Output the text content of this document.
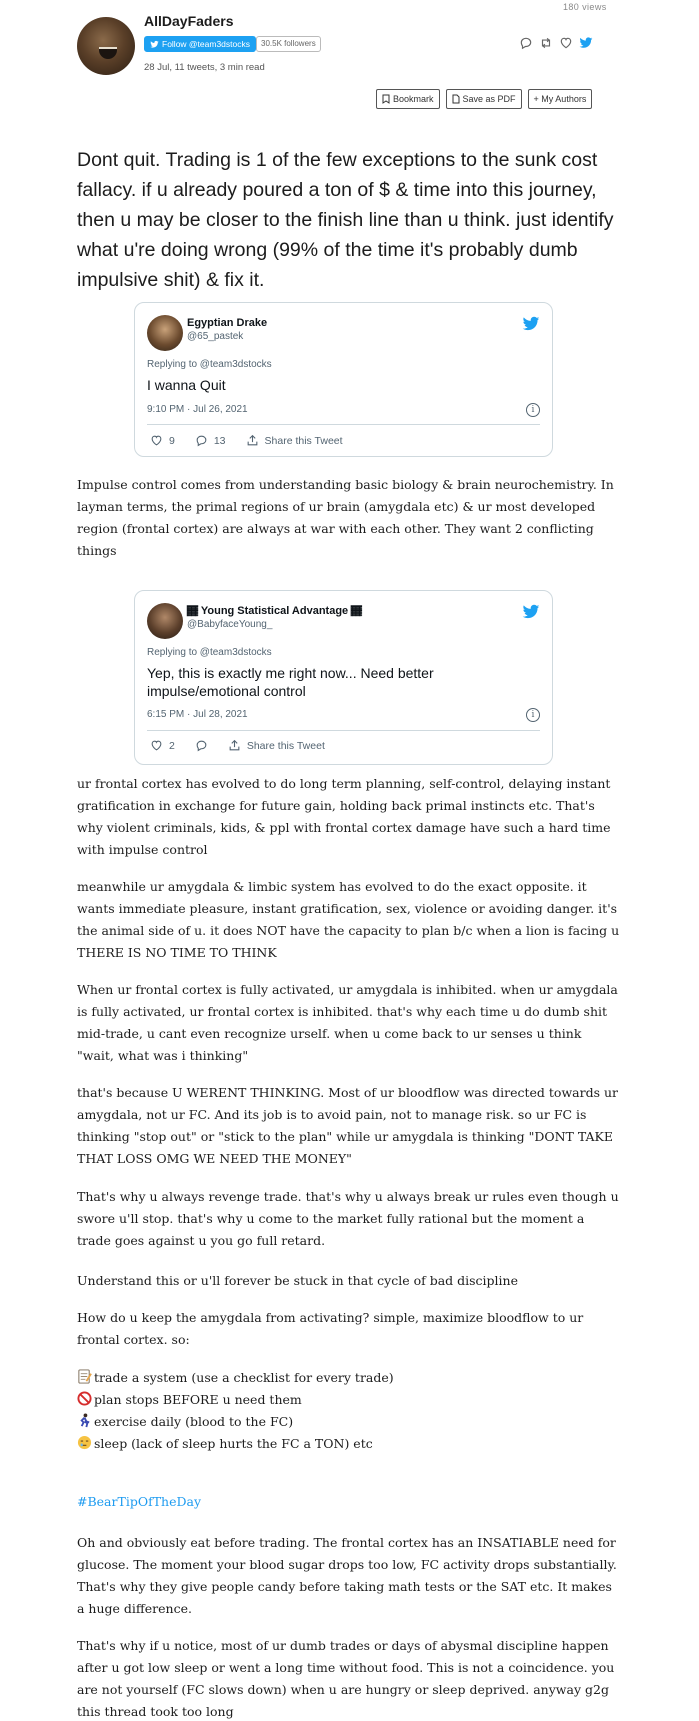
180 views
AllDayFaders
Follow @team3dstocks	30.5K followers
28 Jul, 11 tweets, 3 min read
Bookmark	Save as PDF + My Authors
Dont quit. Trading is 1 of the few exceptions to the sunk cost fallacy. if u already poured a ton of $ & time into this journey, then u may be closer to the finish line than u think. just identify what u're doing wrong (99% of the time it's probably dumb impulsive shit) & fix it.
Egyptian Drake
@65_pastek
Replying to @team3dstocks
I wanna Quit
9:10 PM · Jul 26, 2021	i
9	13	Share this Tweet
Impulse control comes from understanding basic biology & brain neurochemistry. In layman terms, the primal regions of ur brain (amygdala etc) & ur most developed region (frontal cortex) are always at war with each other. They want 2 conflicting things
🏾 Young Statistical Advantage 🏾
@BabyfaceYoung_
Replying to @team3dstocks
Yep, this is exactly me right now... Need better impulse/emotional control
6:15 PM · Jul 28, 2021	i
2	Share this Tweet
ur frontal cortex has evolved to do long term planning, self-control, delaying instant gratification in exchange for future gain, holding back primal instincts etc. That's why violent criminals, kids, & ppl with frontal cortex damage have such a hard time with impulse control
meanwhile ur amygdala & limbic system has evolved to do the exact opposite. it wants immediate pleasure, instant gratification, sex, violence or avoiding danger. it's the animal side of u. it does NOT have the capacity to plan b/c when a lion is facing u THERE IS NO TIME TO THINK
When ur frontal cortex is fully activated, ur amygdala is inhibited. when ur amygdala is fully activated, ur frontal cortex is inhibited. that's why each time u do dumb shit mid-trade, u cant even recognize urself. when u come back to ur senses u think "wait, what was i thinking"
that's because U WERENT THINKING. Most of ur bloodflow was directed towards ur amygdala, not ur FC. And its job is to avoid pain, not to manage risk. so ur FC is thinking "stop out" or "stick to the plan" while ur amygdala is thinking "DONT TAKE THAT LOSS OMG WE NEED THE MONEY"
That's why u always revenge trade. that's why u always break ur rules even though u swore u'll stop. that's why u come to the market fully rational but the moment a trade goes against u you go full retard.
Understand this or u'll forever be stuck in that cycle of bad discipline
How do u keep the amygdala from activating? simple, maximize bloodflow to ur frontal cortex. so:
trade a system (use a checklist for every trade)
plan stops BEFORE u need them
exercise daily (blood to the FC)
sleep (lack of sleep hurts the FC a TON) etc
#BearTipOfTheDay
Oh and obviously eat before trading. The frontal cortex has an INSATIABLE need for glucose. The moment your blood sugar drops too low, FC activity drops substantially. That's why they give people candy before taking math tests or the SAT etc. It makes a huge difference.
That's why if u notice, most of ur dumb trades or days of abysmal discipline happen after u got low sleep or went a long time without food. This is not a coincidence. you are not yourself (FC slows down) when u are hungry or sleep deprived. anyway g2g this thread took too long
